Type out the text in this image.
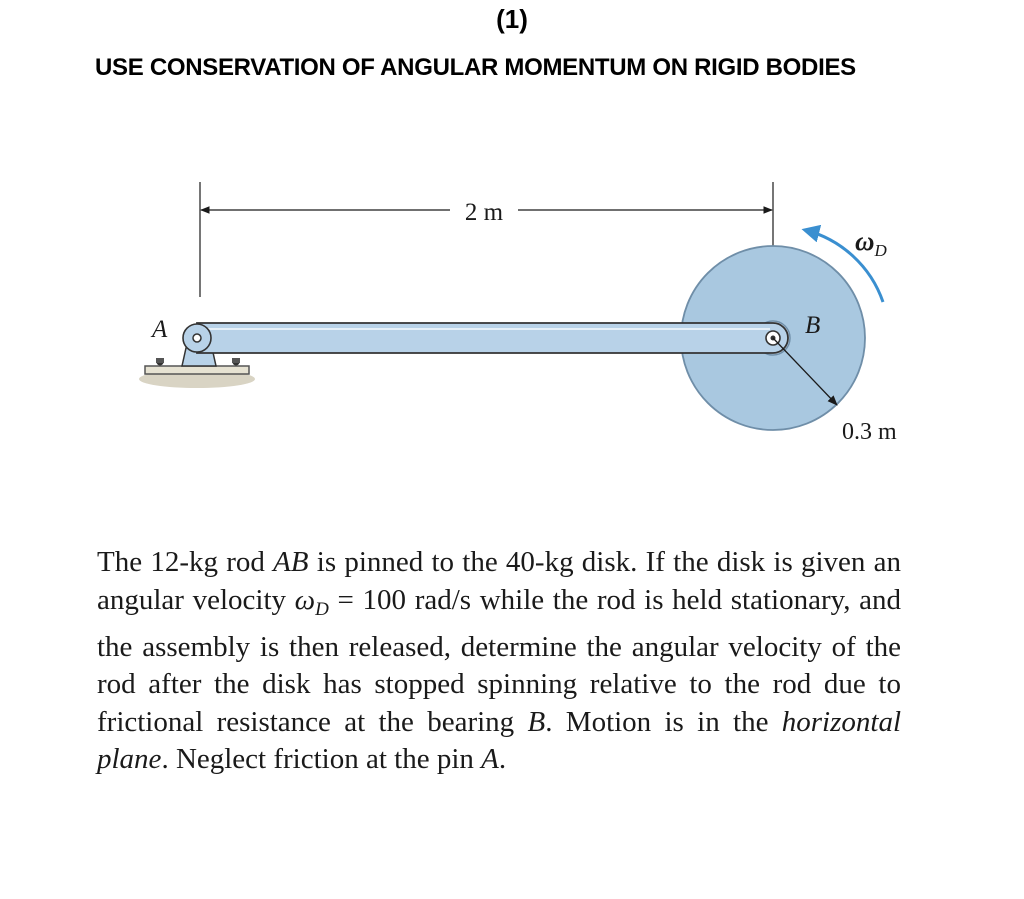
(1)
USE CONSERVATION OF ANGULAR MOMENTUM ON RIGID BODIES
2 m
0.3 m
A	B
$\omega_D$
The 12-kg rod AB is pinned to the 40-kg disk. If the disk is given an angular velocity $\omega_D = 100$ rad/s while the rod is held stationary, and the assembly is then released, determine the angular velocity of the rod after the disk has stopped spinning relative to the rod due to frictional resistance at the bearing B. Motion is in the horizontal plane. Neglect friction at the pin A.
